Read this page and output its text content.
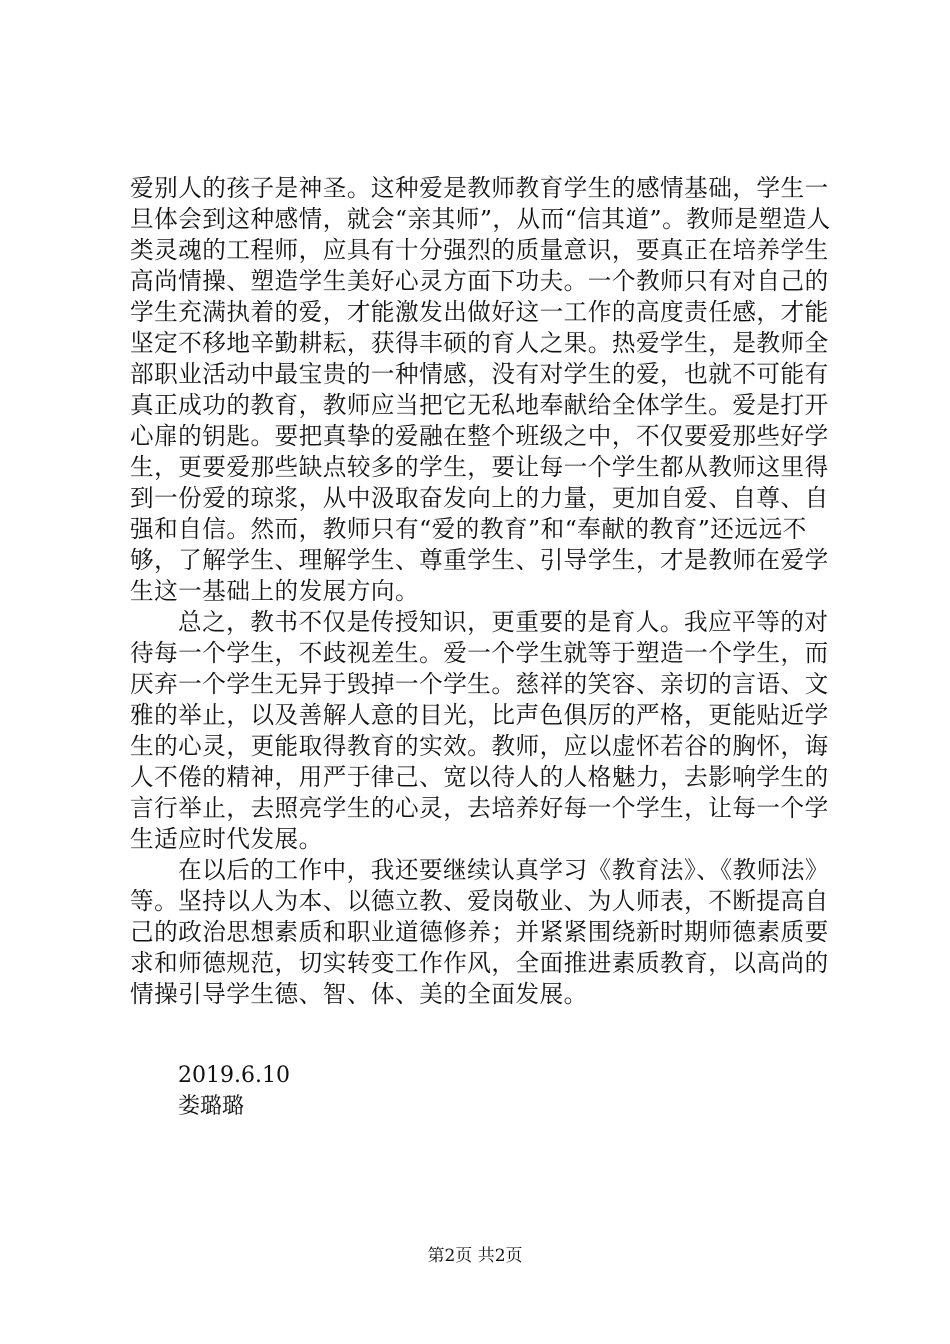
爱别人的孩子是神圣。这种爱是教师教育学生的感情基础，学生一旦体会到这种感情，就会“亲其师”，从而“信其道”。教师是塑造人类灵魂的工程师，应具有十分强烈的质量意识，要真正在培养学生高尚情操、塑造学生美好心灵方面下功夫。一个教师只有对自己的学生充满执着的爱，才能激发出做好这一工作的高度责任感，才能坚定不移地辛勤耕耘，获得丰硕的育人之果。热爱学生，是教师全部职业活动中最宝贵的一种情感，没有对学生的爱，也就不可能有真正成功的教育，教师应当把它无私地奉献给全体学生。爱是打开心扉的钥匙。要把真挚的爱融在整个班级之中，不仅要爱那些好学生，更要爱那些缺点较多的学生，要让每一个学生都从教师这里得到一份爱的琼浆，从中汲取奋发向上的力量，更加自爱、自尊、自强和自信。然而，教师只有“爱的教育”和“奉献的教育”还远远不够，了解学生、理解学生、尊重学生、引导学生，才是教师在爱学生这一基础上的发展方向。

总之，教书不仅是传授知识，更重要的是育人。我应平等的对待每一个学生，不歧视差生。爱一个学生就等于塑造一个学生，而厌弃一个学生无异于毁掉一个学生。慈祥的笑容、亲切的言语、文雅的举止，以及善解人意的目光，比声色俱厉的严格，更能贴近学生的心灵，更能取得教育的实效。教师，应以虚怀若谷的胸怀，诲人不倦的精神，用严于律己、宽以待人的人格魅力，去影响学生的言行举止，去照亮学生的心灵，去培养好每一个学生，让每一个学生适应时代发展。

在以后的工作中，我还要继续认真学习《教育法》、《教师法》等。坚持以人为本、以德立教、爱岗敬业、为人师表，不断提高自己的政治思想素质和职业道德修养；并紧紧围绕新时期师德素质要求和师德规范，切实转变工作作风，全面推进素质教育，以高尚的情操引导学生德、智、体、美的全面发展。

2019.6.10
娄璐璐
第2页 共2页
